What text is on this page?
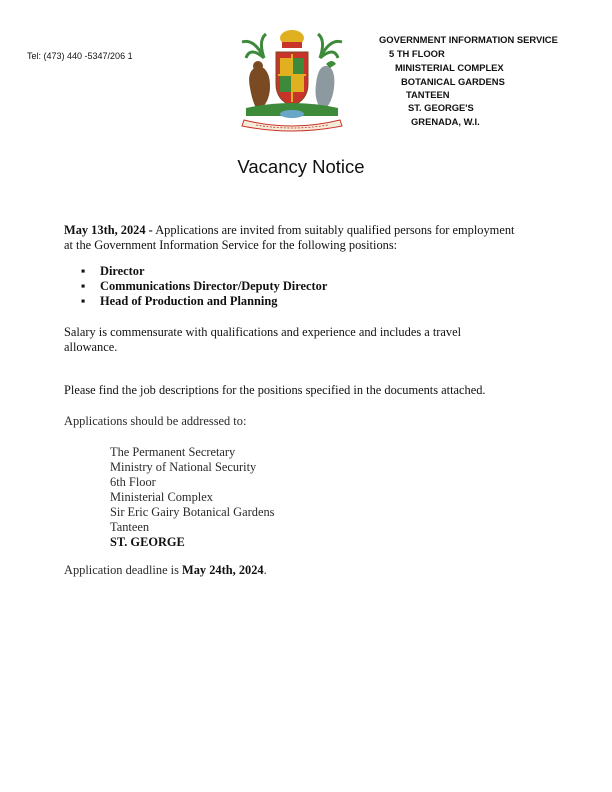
Tel: (473) 440 -5347/206 1
GOVERNMENT INFORMATION SERVICE
5 TH FLOOR
MINISTERIAL COMPLEX
BOTANICAL GARDENS
TANTEEN
ST. GEORGE'S
GRENADA, W.I.
Vacancy Notice
May 13th, 2024 - Applications are invited from suitably qualified persons for employment
at the Government Information Service for the following positions:
▪ Director
▪ Communications Director/Deputy Director
▪ Head of Production and Planning
Salary is commensurate with qualifications and experience and includes a travel
allowance.
Please find the job descriptions for the positions specified in the documents attached.
Applications should be addressed to:
The Permanent Secretary
Ministry of National Security
6th Floor
Ministerial Complex
Sir Eric Gairy Botanical Gardens
Tanteen
ST. GEORGE
Application deadline is May 24th, 2024.
